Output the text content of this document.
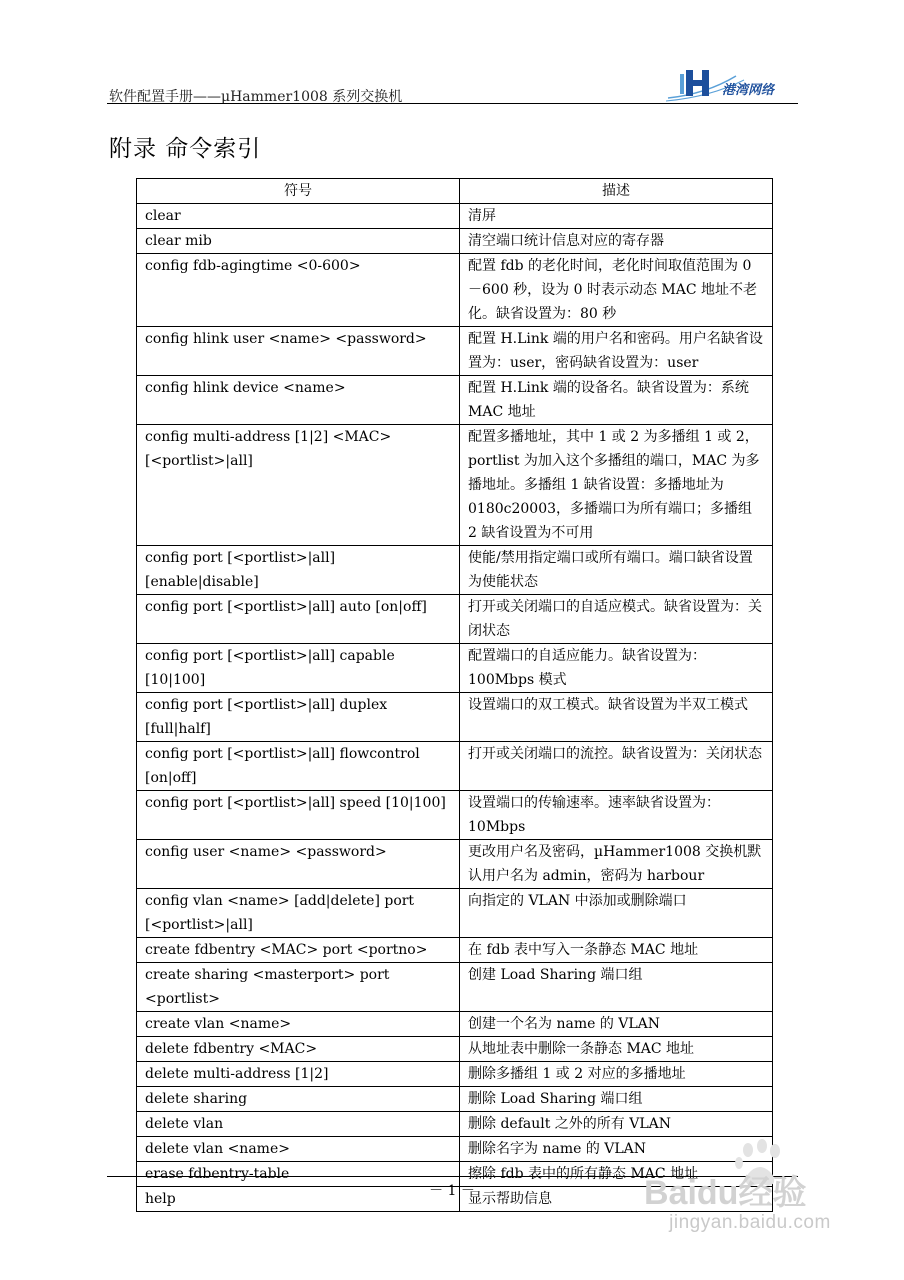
软件配置手册——µHammer1008 系列交换机	港湾网络
附录 命令索引
符号	描述
clear	清屏
clear mib	清空端口统计信息对应的寄存器
config fdb-agingtime <0-600>	配置 fdb 的老化时间，老化时间取值范围为 0－600 秒，设为 0 时表示动态 MAC 地址不老化。缺省设置为：80 秒
config hlink user <name> <password>	配置 H.Link 端的用户名和密码。用户名缺省设置为：user，密码缺省设置为：user
config hlink device <name>	配置 H.Link 端的设备名。缺省设置为：系统 MAC 地址
config multi-address [1|2] <MAC> [<portlist>|all]	配置多播地址，其中 1 或 2 为多播组 1 或 2，portlist 为加入这个多播组的端口，MAC 为多播地址。多播组 1 缺省设置：多播地址为 0180c20003，多播端口为所有端口；多播组 2 缺省设置为不可用
config port [<portlist>|all] [enable|disable]	使能/禁用指定端口或所有端口。端口缺省设置为使能状态
config port [<portlist>|all] auto [on|off]	打开或关闭端口的自适应模式。缺省设置为：关闭状态
config port [<portlist>|all] capable [10|100]	配置端口的自适应能力。缺省设置为：100Mbps 模式
config port [<portlist>|all] duplex [full|half]	设置端口的双工模式。缺省设置为半双工模式
config port [<portlist>|all] flowcontrol [on|off]	打开或关闭端口的流控。缺省设置为：关闭状态
config port [<portlist>|all] speed [10|100]	设置端口的传输速率。速率缺省设置为：10Mbps
config user <name> <password>	更改用户名及密码，µHammer1008 交换机默认用户名为 admin，密码为 harbour
config vlan <name> [add|delete] port [<portlist>|all]	向指定的 VLAN 中添加或删除端口
create fdbentry <MAC> port <portno>	在 fdb 表中写入一条静态 MAC 地址
create sharing <masterport> port <portlist>	创建 Load Sharing 端口组
create vlan <name>	创建一个名为 name 的 VLAN
delete fdbentry <MAC>	从地址表中删除一条静态 MAC 地址
delete multi-address [1|2]	删除多播组 1 或 2 对应的多播地址
delete sharing	删除 Load Sharing 端口组
delete vlan	删除 default 之外的所有 VLAN
delete vlan <name>	删除名字为 name 的 VLAN
erase fdbentry-table	擦除 fdb 表中的所有静态 MAC 地址
help	显示帮助信息
－ 1 －	Baidu经验
jingyan.baidu.com
